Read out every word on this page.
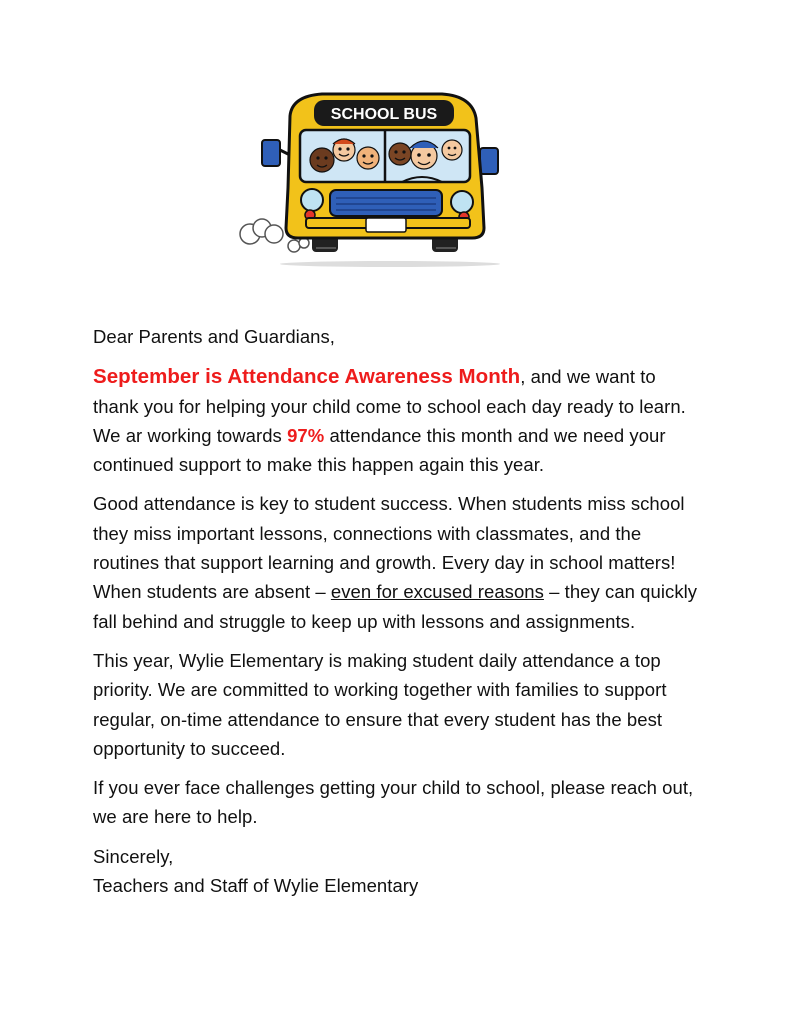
SCHOOL BUS

Dear Parents and Guardians,

September is Attendance Awareness Month, and we want to thank you for helping your child come to school each day ready to learn. We ar working towards 97% attendance this month and we need your continued support to make this happen again this year.

Good attendance is key to student success. When students miss school they miss important lessons, connections with classmates, and the routines that support learning and growth. Every day in school matters! When students are absent – even for excused reasons – they can quickly fall behind and struggle to keep up with lessons and assignments.

This year, Wylie Elementary is making student daily attendance a top priority. We are committed to working together with families to support regular, on-time attendance to ensure that every student has the best opportunity to succeed.

If you ever face challenges getting your child to school, please reach out, we are here to help.

Sincerely,
Teachers and Staff of Wylie Elementary
